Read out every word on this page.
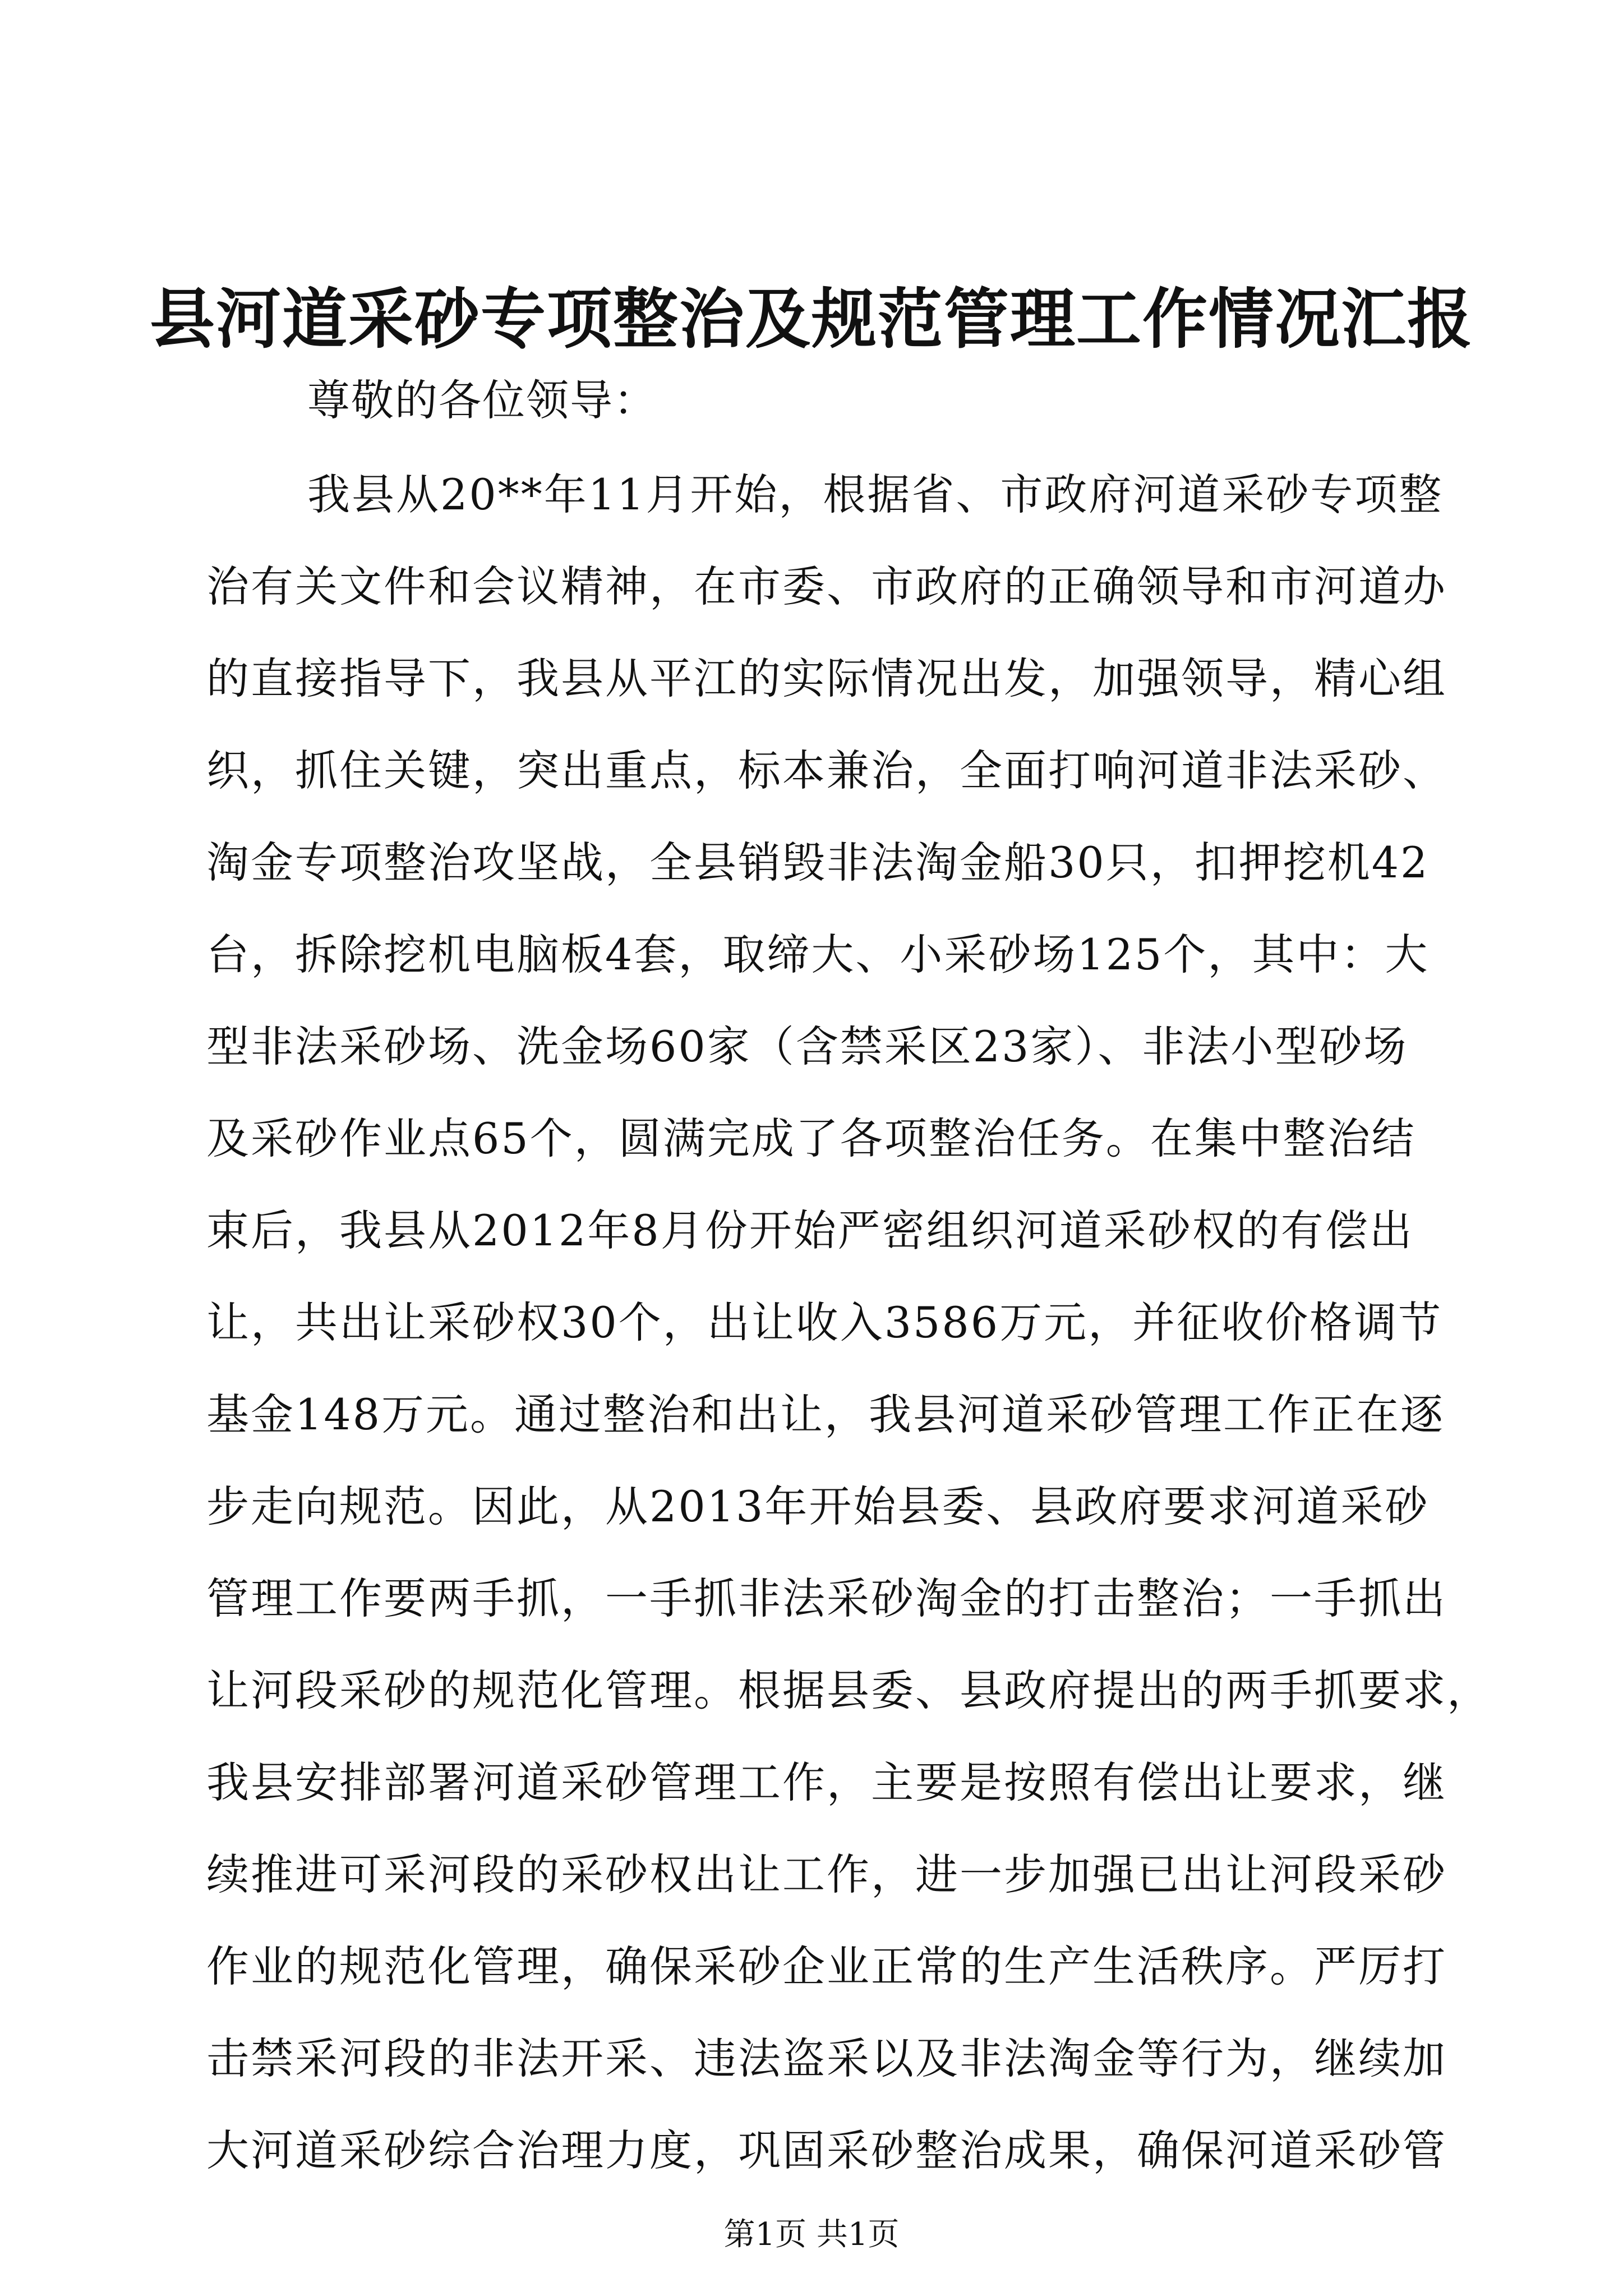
县河道采砂专项整治及规范管理工作情况汇报
尊敬的各位领导：
我县从20**年11月开始，根据省、市政府河道采砂专项整
治有关文件和会议精神，在市委、市政府的正确领导和市河道办
的直接指导下，我县从平江的实际情况出发，加强领导，精心组
织，抓住关键，突出重点，标本兼治，全面打响河道非法采砂、
淘金专项整治攻坚战，全县销毁非法淘金船30只，扣押挖机42
台，拆除挖机电脑板4套，取缔大、小采砂场125个，其中：大
型非法采砂场、洗金场60家（含禁采区23家）、非法小型砂场
及采砂作业点65个，圆满完成了各项整治任务。在集中整治结
束后，我县从2012年8月份开始严密组织河道采砂权的有偿出
让，共出让采砂权30个，出让收入3586万元，并征收价格调节
基金148万元。通过整治和出让，我县河道采砂管理工作正在逐
步走向规范。因此，从2013年开始县委、县政府要求河道采砂
管理工作要两手抓，一手抓非法采砂淘金的打击整治；一手抓出
让河段采砂的规范化管理。根据县委、县政府提出的两手抓要求，
我县安排部署河道采砂管理工作，主要是按照有偿出让要求，继
续推进可采河段的采砂权出让工作，进一步加强已出让河段采砂
作业的规范化管理，确保采砂企业正常的生产生活秩序。严厉打
击禁采河段的非法开采、违法盗采以及非法淘金等行为，继续加
大河道采砂综合治理力度，巩固采砂整治成果，确保河道采砂管
第1页 共1页
